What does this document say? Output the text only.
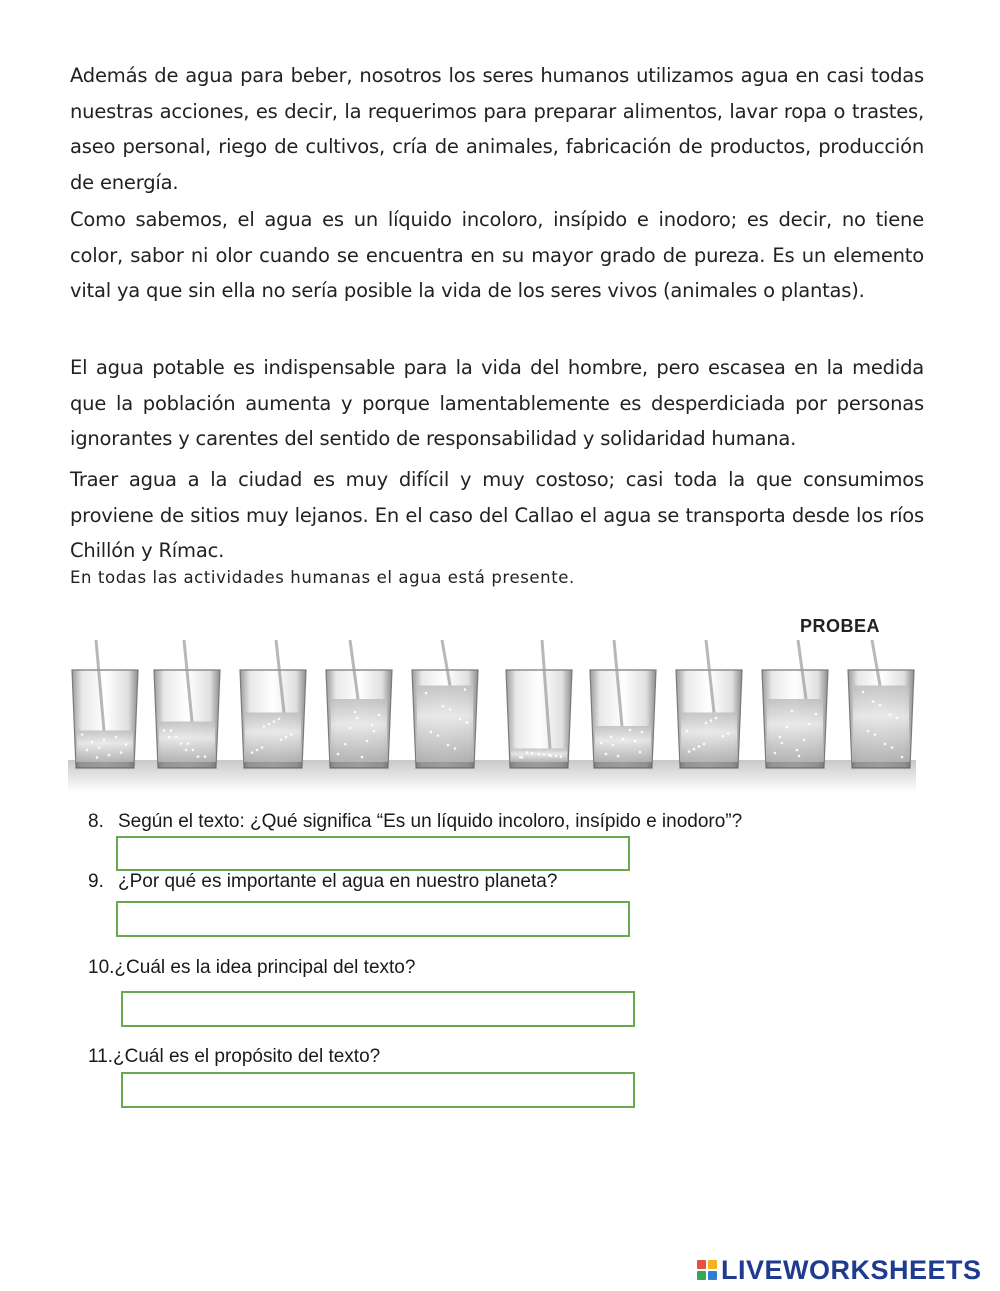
Además de agua para beber, nosotros los seres humanos utilizamos agua en casi todas nuestras acciones, es decir, la requerimos para preparar alimentos, lavar ropa o trastes, aseo personal, riego de cultivos, cría de animales, fabricación de productos, producción de energía.
Como sabemos, el agua es un líquido incoloro, insípido e inodoro; es decir, no tiene color, sabor ni olor cuando se encuentra en su mayor grado de pureza. Es un elemento vital ya que sin ella no sería posible la vida de los seres vivos (animales o plantas).
El agua potable es indispensable para la vida del hombre, pero escasea en la medida que la población aumenta y porque lamentablemente es desperdiciada por personas ignorantes y carentes del sentido de responsabilidad y solidaridad humana.
Traer agua a la ciudad es muy difícil y muy costoso; casi toda la que consumimos proviene de sitios muy lejanos. En el caso del Callao el agua se transporta desde los ríos Chillón y Rímac.
En todas las actividades humanas el agua está presente.
PROBEA
8. Según el texto: ¿Qué significa “Es un líquido incoloro, insípido e inodoro”?
9. ¿Por qué es importante el agua en nuestro planeta?
10.¿Cuál es la idea principal del texto?
11.¿Cuál es el propósito del texto?
LIVEWORKSHEETS
